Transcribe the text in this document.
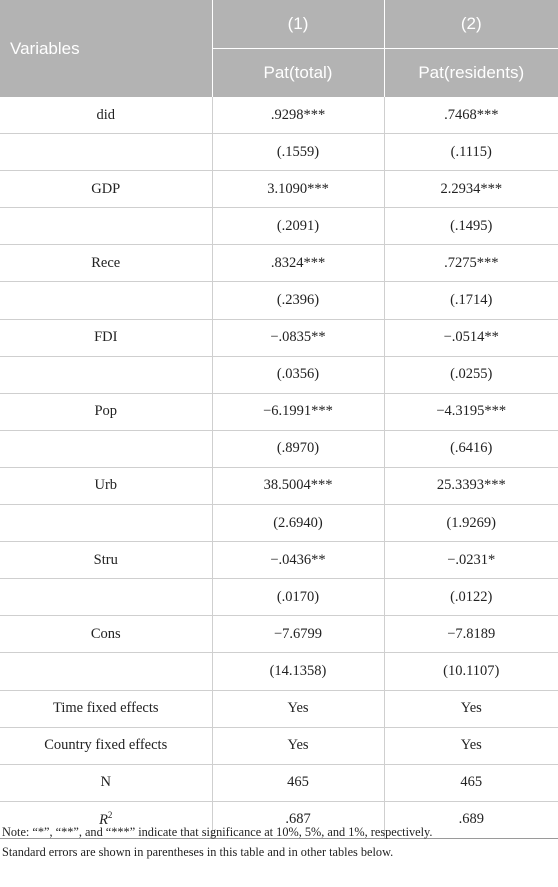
Variables	(1)	(2)
	Pat(total)	Pat(residents)
did	.9298***	.7468***
	(.1559)	(.1115)
GDP	3.1090***	2.2934***
	(.2091)	(.1495)
Rece	.8324***	.7275***
	(.2396)	(.1714)
FDI	−.0835**	−.0514**
	(.0356)	(.0255)
Pop	−6.1991***	−4.3195***
	(.8970)	(.6416)
Urb	38.5004***	25.3393***
	(2.6940)	(1.9269)
Stru	−.0436**	−.0231*
	(.0170)	(.0122)
Cons	−7.6799	−7.8189
	(14.1358)	(10.1107)
Time fixed effects	Yes	Yes
Country fixed effects	Yes	Yes
N	465	465
$R^2$	.687	.689
Note: “*”, “**”, and “***” indicate that significance at 10%, 5%, and 1%, respectively.
Standard errors are shown in parentheses in this table and in other tables below.
